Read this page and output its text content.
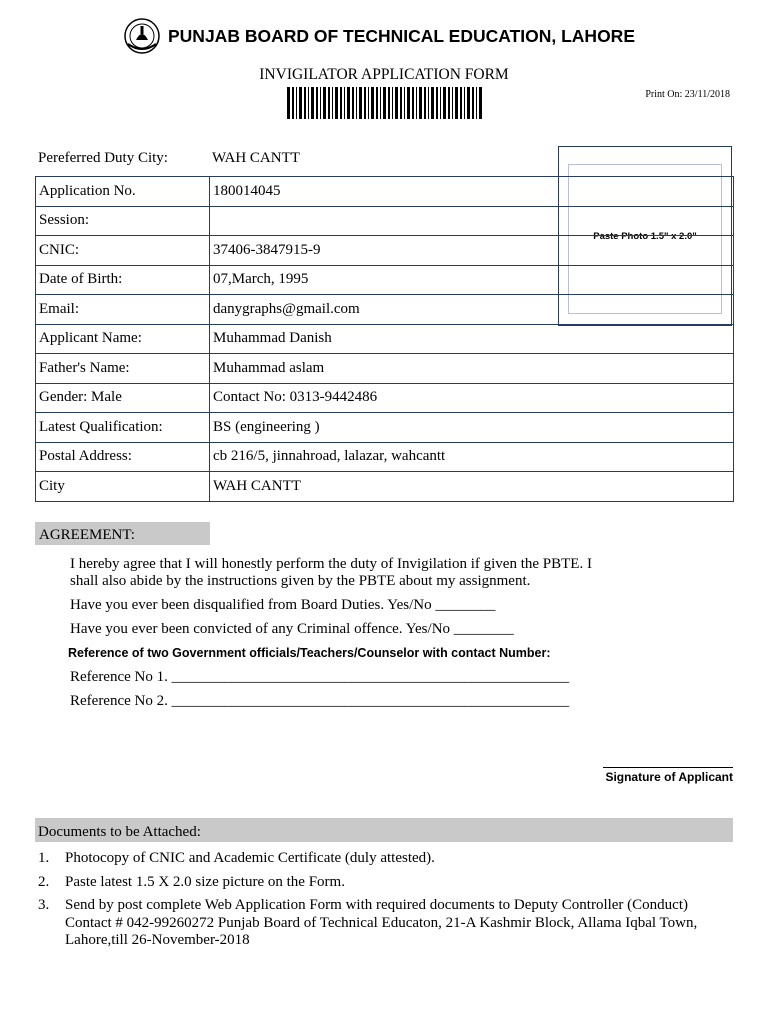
PUNJAB BOARD OF TECHNICAL EDUCATION, LAHORE
INVIGILATOR APPLICATION FORM
Print On: 23/11/2018
Pereferred Duty City:	WAH CANTT
Paste Photo 1.5" x 2.0"
Application No.	180014045
Session:	
CNIC:	37406-3847915-9
Date of Birth:	07,March, 1995
Email:	danygraphs@gmail.com
Applicant Name:	Muhammad Danish
Father's Name:	Muhammad aslam
Gender: Male	Contact No: 0313-9442486
Latest Qualification:	BS (engineering )
Postal Address:	cb 216/5, jinnahroad, lalazar, wahcantt
City	WAH CANTT
AGREEMENT:
I hereby agree that I will honestly perform the duty of Invigilation if given the PBTE. I
shall also abide by the instructions given by the PBTE about my assignment.
Have you ever been disqualified from Board Duties. Yes/No ________
Have you ever been convicted of any Criminal offence. Yes/No ________
Reference of two Government officials/Teachers/Counselor with contact Number:
Reference No 1. _____________________________________________________
Reference No 2. _____________________________________________________
Signature of Applicant
Documents to be Attached:
1. Photocopy of CNIC and Academic Certificate (duly attested).
2. Paste latest 1.5 X 2.0 size picture on the Form.
3. Send by post complete Web Application Form with required documents to Deputy Controller (Conduct) Contact # 042-99260272 Punjab Board of Technical Educaton, 21-A Kashmir Block, Allama Iqbal Town, Lahore,till 26-November-2018
